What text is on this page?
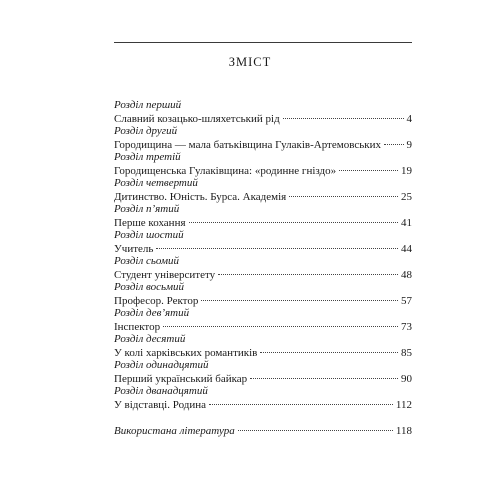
ЗМІСТ
Розділ перший
Славний козацько-шляхетський рід	4
Розділ другий
Городищина — мала батьківщина Гулаків-Артемовських 9
Розділ третій
Городищенська Гулаківщина: «родинне гніздо»	19
Розділ четвертий
Дитинство. Юність. Бурса. Академія	25
Розділ п’ятий
Перше кохання	41
Розділ шостий
Учитель	44
Розділ сьомий
Студент університету	48
Розділ восьмий
Професор. Ректор	57
Розділ дев’ятий
Інспектор	73
Розділ десятий
У колі харківських романтиків	85
Розділ одинадцятий
Перший український байкар	90
Розділ дванадцятий
У відставці. Родина	112
Використана література	118
